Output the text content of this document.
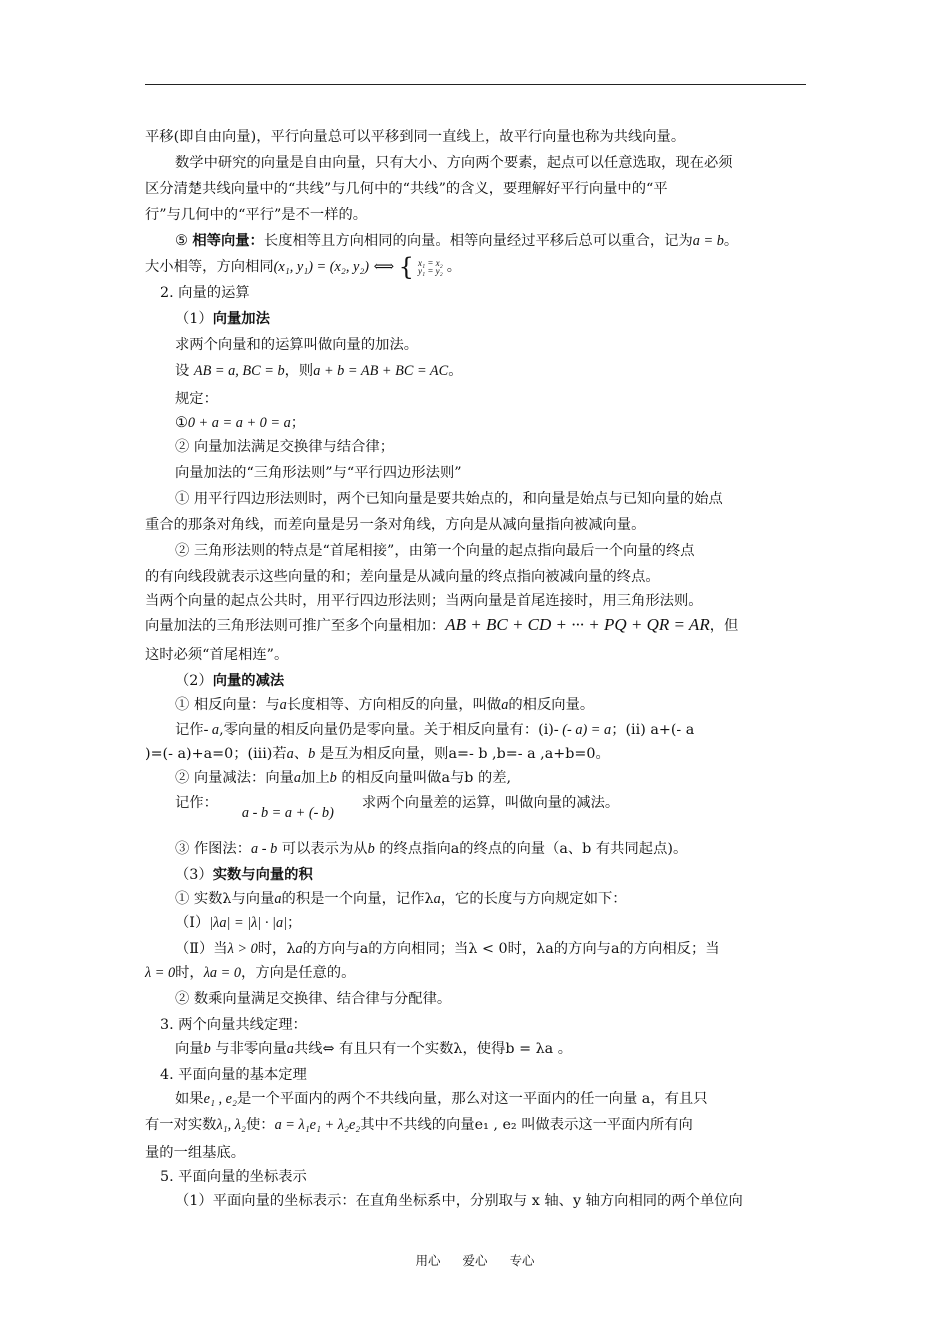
平移(即自由向量)，平行向量总可以平移到同一直线上，故平行向量也称为共线向量。
数学中研究的向量是自由向量，只有大小、方向两个要素，起点可以任意选取，现在必须
区分清楚共线向量中的“共线”与几何中的“共线”的含义，要理解好平行向量中的“平
行”与几何中的“平行”是不一样的。
⑤ 相等向量：长度相等且方向相同的向量。相等向量经过平移后总可以重合，记为a = b。
大小相等，方向相同(x₁, y₁) = (x₂, y₂) ⟺ { x₁ = x₂
y₁ = y₂ 。
2. 向量的运算
（1）向量加法
求两个向量和的运算叫做向量的加法。
设 AB = a, BC = b，则a + b = AB + BC = AC。
规定：
①0 + a = a + 0 = a；
② 向量加法满足交换律与结合律；
向量加法的“三角形法则”与“平行四边形法则”
① 用平行四边形法则时，两个已知向量是要共始点的，和向量是始点与已知向量的始点
重合的那条对角线，而差向量是另一条对角线，方向是从减向量指向被减向量。
② 三角形法则的特点是“首尾相接”，由第一个向量的起点指向最后一个向量的终点
的有向线段就表示这些向量的和；差向量是从减向量的终点指向被减向量的终点。
当两个向量的起点公共时，用平行四边形法则；当两向量是首尾连接时，用三角形法则。
向量加法的三角形法则可推广至多个向量相加：AB + BC + CD + ··· + PQ + QR = AR，但
这时必须“首尾相连”。
（2）向量的减法
① 相反向量：与a长度相等、方向相反的向量，叫做a的相反向量。
记作- a,零向量的相反向量仍是零向量。关于相反向量有：(i)- (- a) = a；(ii) a+(- a
)=(- a)+a=0；(iii)若a、b 是互为相反向量，则a=- b ,b=- a ,a+b=0。
② 向量减法：向量a加上b 的相反向量叫做a与b 的差,
记作：a - b = a + (- b)求两个向量差的运算，叫做向量的减法。
③ 作图法：a - b 可以表示为从b 的终点指向a的终点的向量（a、b 有共同起点)。
（3）实数与向量的积
① 实数λ与向量a的积是一个向量，记作λa，它的长度与方向规定如下：
（Ⅰ）|λa| = |λ| · |a|；
（Ⅱ）当λ > 0时，λa的方向与a的方向相同；当λ < 0时，λa的方向与a的方向相反；当
λ = 0时，λa = 0，方向是任意的。
② 数乘向量满足交换律、结合律与分配律。
3. 两个向量共线定理：
向量b 与非零向量a共线⇔ 有且只有一个实数λ，使得b = λa 。
4. 平面向量的基本定理
如果e₁ , e₂是一个平面内的两个不共线向量，那么对这一平面内的任一向量 a，有且只
有一对实数λ₁, λ₂使：a = λ₁e₁ + λ₂e₂其中不共线的向量e₁ , e₂ 叫做表示这一平面内所有向
量的一组基底。
5. 平面向量的坐标表示
（1）平面向量的坐标表示：在直角坐标系中，分别取与 x 轴、y 轴方向相同的两个单位向
用心 爱心 专心
